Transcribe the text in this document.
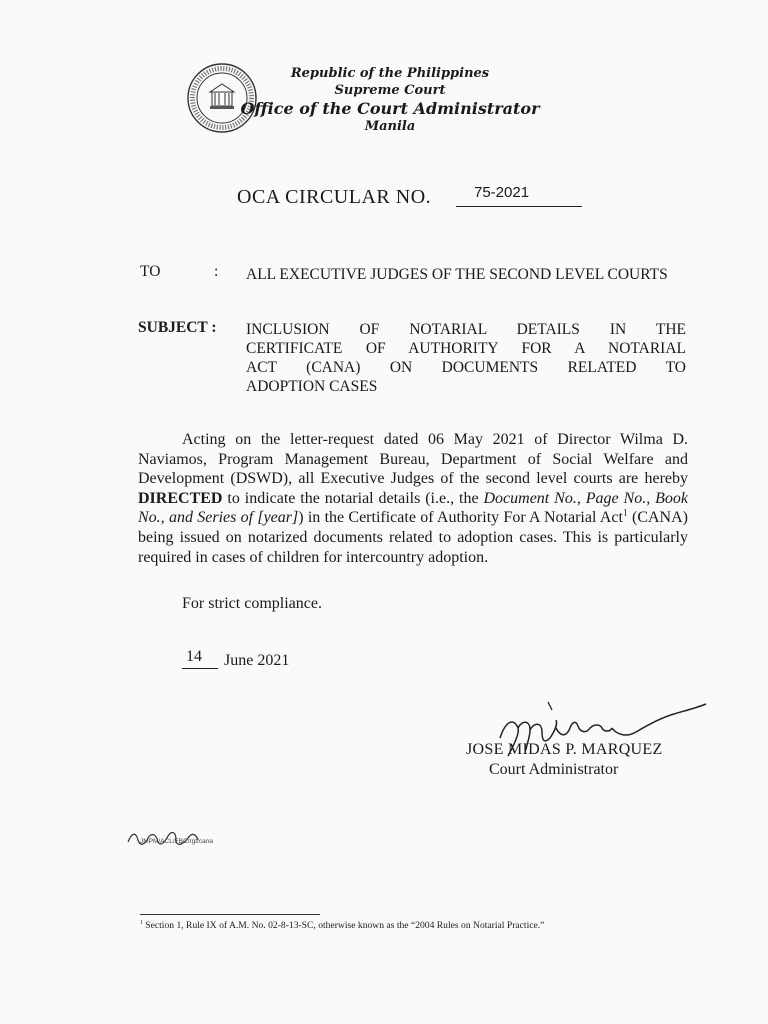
Republic of the Philippines
Supreme Court
Office of the Court Administrator
Manila
OCA CIRCULAR NO.	75-2021
TO	: ALL EXECUTIVE JUDGES OF THE SECOND LEVEL COURTS
SUBJECT : INCLUSION OF NOTARIAL DETAILS IN THE
CERTIFICATE OF AUTHORITY FOR A NOTARIAL
ACT (CANA) ON DOCUMENTS RELATED TO
ADOPTION CASES
Acting on the letter-request dated 06 May 2021 of Director Wilma D. Naviamos, Program Management Bureau, Department of Social Welfare and Development (DSWD), all Executive Judges of the second level courts are hereby DIRECTED to indicate the notarial details (i.e., the Document No., Page No., Book No., and Series of [year]) in the Certificate of Authority For A Notarial Act$^1$ (CANA) being issued on notarized documents related to adoption cases. This is particularly required in cases of children for intercountry adoption.
For strict compliance.
14 June 2021
JOSE MIDAS P. MARQUEZ
Court Administrator
JMPM/ACL/FBC/rgt/cana
$^1$ Section 1, Rule IX of A.M. No. 02-8-13-SC, otherwise known as the “2004 Rules on Notarial Practice.”
